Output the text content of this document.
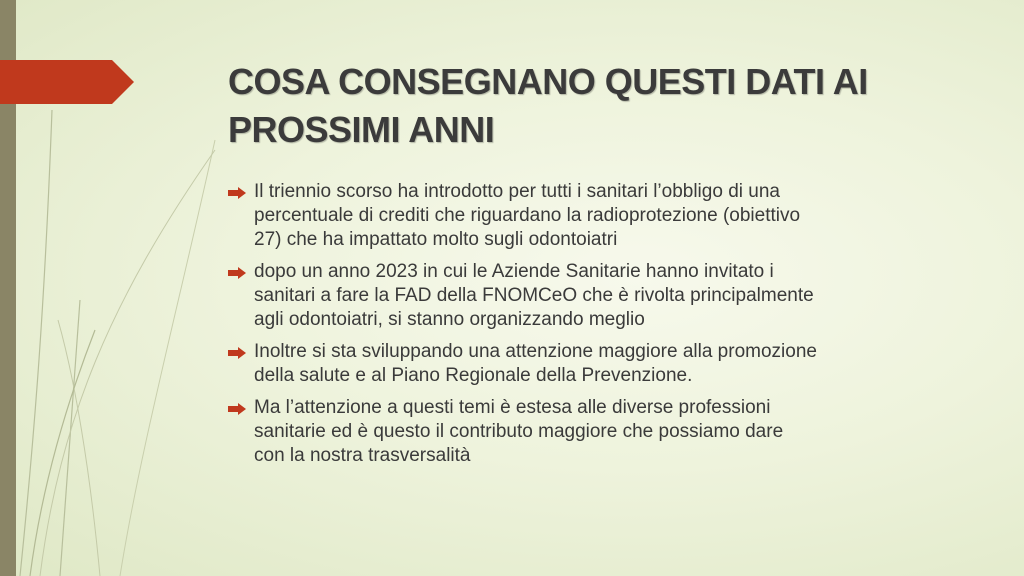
COSA CONSEGNANO QUESTI DATI AI
PROSSIMI ANNI
Il triennio scorso ha introdotto per tutti i sanitari l’obbligo di una
percentuale di crediti che riguardano la radioprotezione (obiettivo
27) che ha impattato molto sugli odontoiatri
dopo un anno 2023 in cui le Aziende Sanitarie hanno invitato i
sanitari a fare la FAD della FNOMCeO che è rivolta principalmente
agli odontoiatri, si stanno organizzando meglio
Inoltre si sta sviluppando una attenzione maggiore alla promozione
della salute e al Piano Regionale della Prevenzione.
Ma l’attenzione a questi temi è estesa alle diverse professioni
sanitarie ed è questo il contributo maggiore che possiamo dare
con la nostra trasversalità
